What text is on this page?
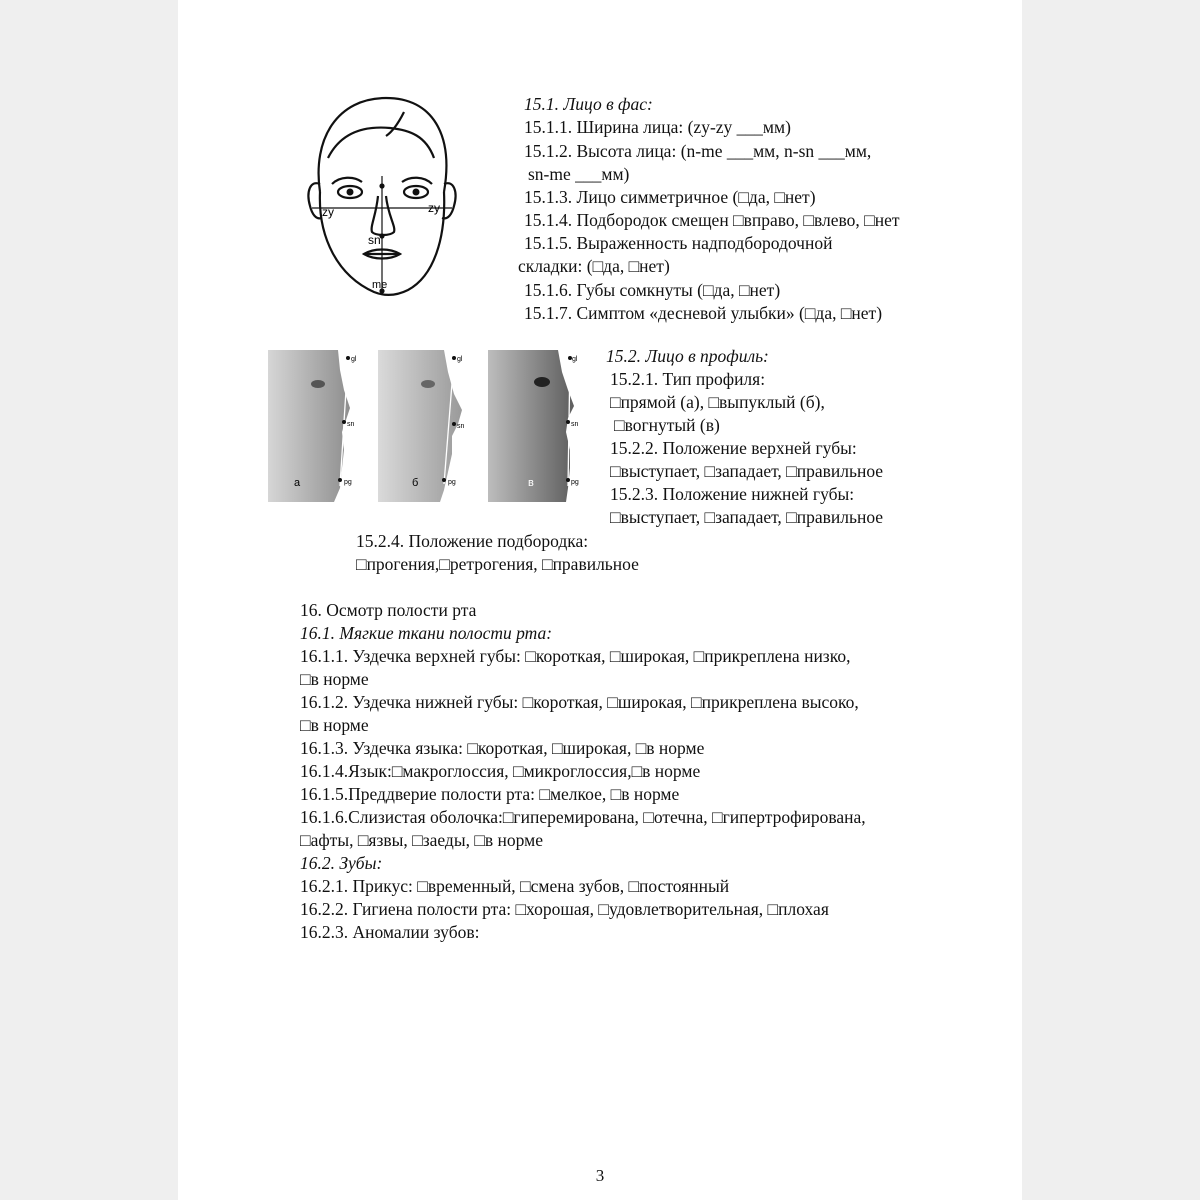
zy	zy
sn
me
15.1. Лицо в фас:
15.1.1. Ширина лица: (zy-zy ___мм)
15.1.2. Высота лица: (n-me ___мм, n-sn ___мм,
sn-me ___мм)
15.1.3. Лицо симметричное (□да, □нет)
15.1.4. Подбородок смещен □вправо, □влево, □нет
15.1.5. Выраженность надподбородочной
складки: (□да, □нет)
15.1.6. Губы сомкнуты (□да, □нет)
15.1.7. Симптом «десневой улыбки» (□да, □нет)
gl
sn
pg
а
gl
sn
pg
б
gl
sn
pg
в
15.2. Лицо в профиль:
15.2.1. Тип профиля:
□прямой (а), □выпуклый (б),
□вогнутый (в)
15.2.2. Положение верхней губы:
□выступает, □западает, □правильное
15.2.3. Положение нижней губы:
□выступает, □западает, □правильное
15.2.4. Положение подбородка:
□прогения,□ретрогения, □правильное
16. Осмотр полости рта
16.1. Мягкие ткани полости рта:
16.1.1. Уздечка верхней губы: □короткая, □широкая, □прикреплена низко,
□в норме
16.1.2. Уздечка нижней губы: □короткая, □широкая, □прикреплена высоко,
□в норме
16.1.3. Уздечка языка: □короткая, □широкая, □в норме
16.1.4.Язык:□макроглоссия, □микроглоссия,□в норме
16.1.5.Преддверие полости рта: □мелкое, □в норме
16.1.6.Слизистая оболочка:□гиперемирована, □отечна, □гипертрофирована,
□афты, □язвы, □заеды, □в норме
16.2. Зубы:
16.2.1. Прикус: □временный, □смена зубов, □постоянный
16.2.2. Гигиена полости рта: □хорошая, □удовлетворительная, □плохая
16.2.3. Аномалии зубов:
3
